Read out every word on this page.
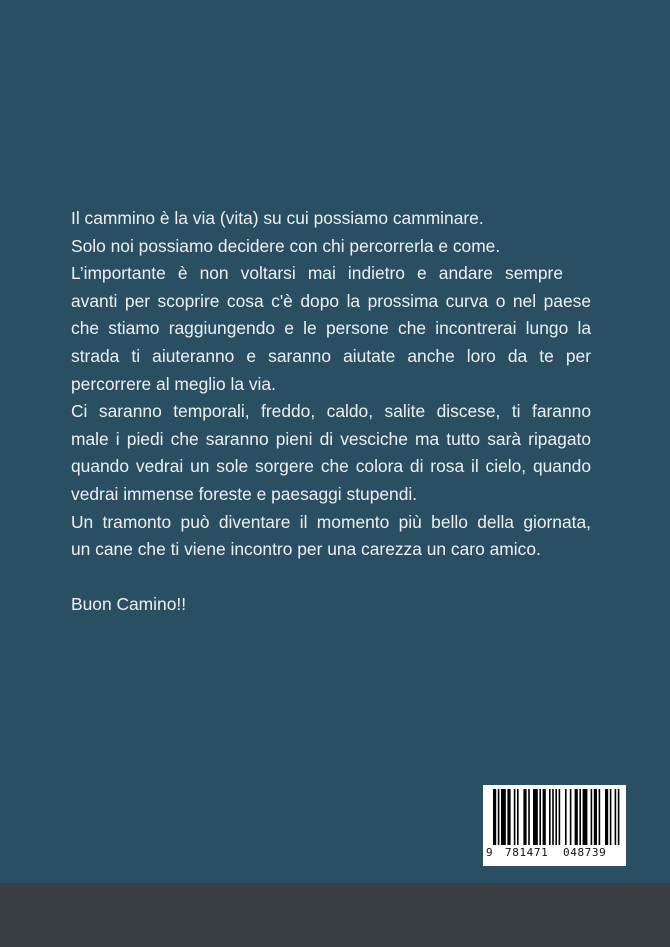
Il cammino è la via (vita) su cui possiamo camminare.
Solo noi possiamo decidere con chi percorrerla e come.
L’importante è non voltarsi mai indietro e andare sempre
avanti per scoprire cosa c'è dopo la prossima curva o nel paese
che stiamo raggiungendo e le persone che incontrerai lungo la
strada ti aiuteranno e saranno aiutate anche loro da te per
percorrere al meglio la via.
Ci saranno temporali, freddo, caldo, salite discese, ti faranno
male i piedi che saranno pieni di vesciche ma tutto sarà ripagato
quando vedrai un sole sorgere che colora di rosa il cielo, quando
vedrai immense foreste e paesaggi stupendi.
Un tramonto può diventare il momento più bello della giornata,
un cane che ti viene incontro per una carezza un caro amico.
Buon Camino!!
9 781471 048739
